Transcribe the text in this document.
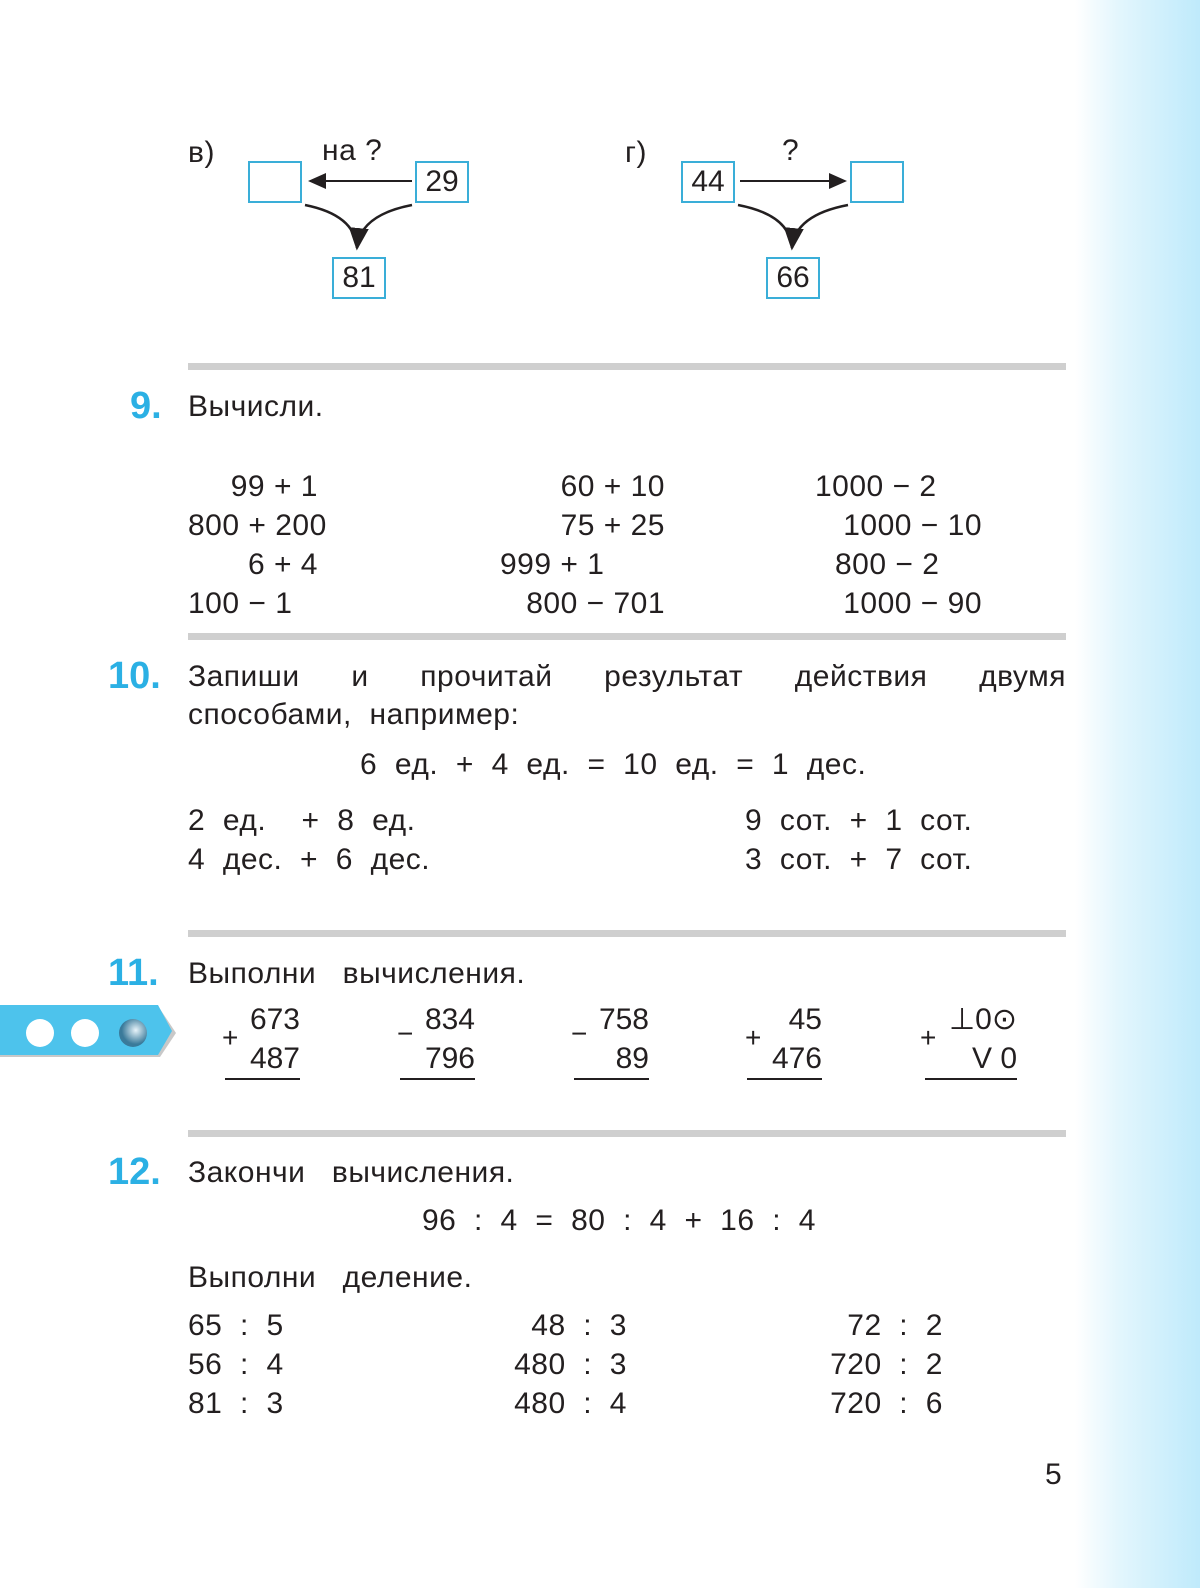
в)	на ?
29
81
г)	?
44
66
9. Вычисли.

99 + 1
800 + 200
6 + 4
100 − 1

60 + 10
75 + 25
999 + 1
800 − 701

1000 − 2
1000 − 10
800 − 2
1000 − 90
10. Запиши и прочитай результат действия двумя
способами,  например:
6  ед.  +  4  ед.  =  10  ед.  =  1  дес.
2  ед.    +  8  ед.
4  дес.  +  6  дес.
9  сот.  +  1  сот.
3  сот.  +  7  сот.
11. Выполни   вычисления.
+
673
487
− 834
796
− 758
89
+
45
476
+
⊥0⊙
V 0
12. Закончи   вычисления.
96  :  4  =  80  :  4  +  16  :  4
Выполни   деление.
65  :  5
56  :  4
81  :  3
48  :  3
480  :  3
480  :  4
72  :  2
720  :  2
720  :  6
5
